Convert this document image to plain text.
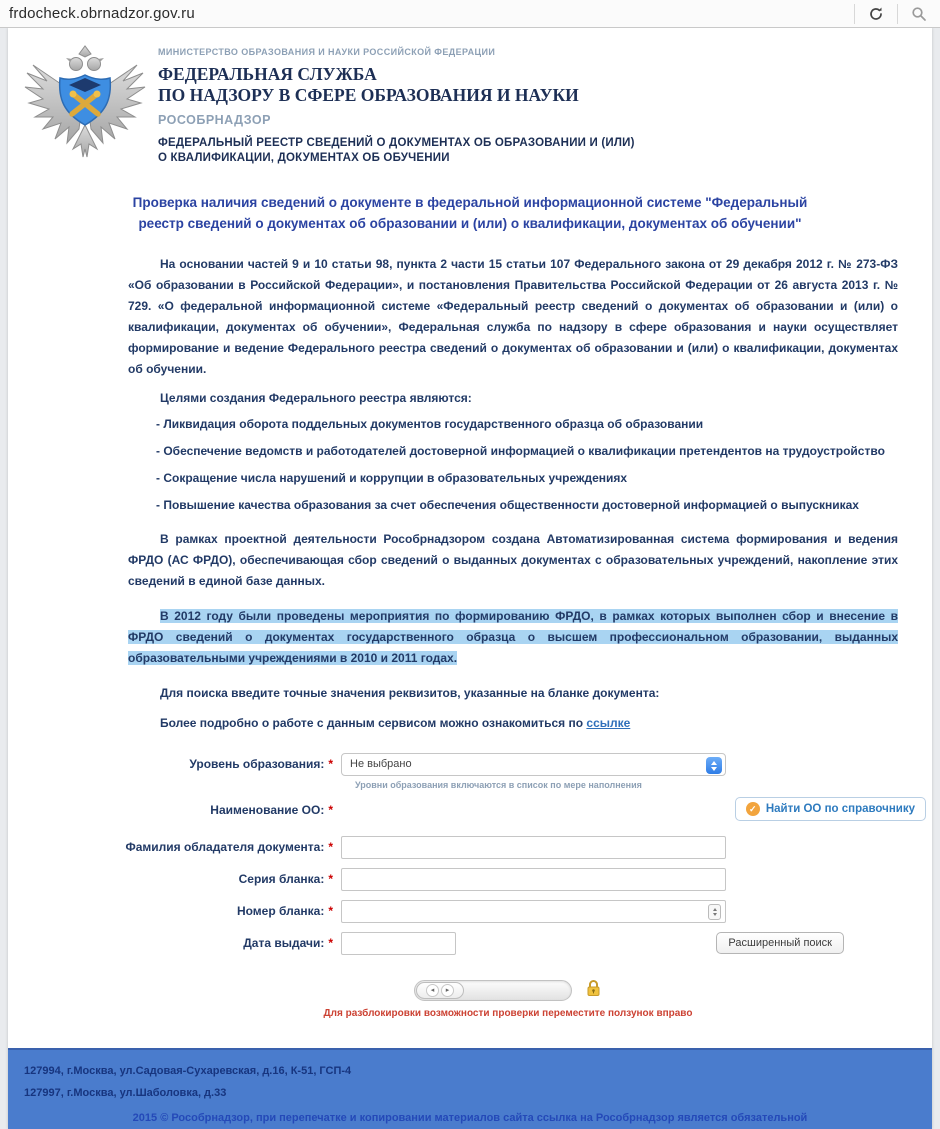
frdocheck.obrnadzor.gov.ru
МИНИСТЕРСТВО ОБРАЗОВАНИЯ И НАУКИ РОССИЙСКОЙ ФЕДЕРАЦИИ
ФЕДЕРАЛЬНАЯ СЛУЖБА
ПО НАДЗОРУ В СФЕРЕ ОБРАЗОВАНИЯ И НАУКИ
РОСОБРНАДЗОР
ФЕДЕРАЛЬНЫЙ РЕЕСТР СВЕДЕНИЙ О ДОКУМЕНТАХ ОБ ОБРАЗОВАНИИ И (ИЛИ)
О КВАЛИФИКАЦИИ, ДОКУМЕНТАХ ОБ ОБУЧЕНИИ
Проверка наличия сведений о документе в федеральной информационной системе "Федеральный реестр сведений о документах об образовании и (или) о квалификации, документах об обучении"

На основании частей 9 и 10 статьи 98, пункта 2 части 15 статьи 107 Федерального закона от 29 декабря 2012 г. № 273-ФЗ «Об образовании в Российской Федерации», и постановления Правительства Российской Федерации от 26 августа 2013 г. № 729. «О федеральной информационной системе «Федеральный реестр сведений о документах об образовании и (или) о квалификации, документах об обучении», Федеральная служба по надзору в сфере образования и науки осуществляет формирование и ведение Федерального реестра сведений о документах об образовании и (или) о квалификации, документах об обучении.

Целями создания Федерального реестра являются:

- Ликвидация оборота поддельных документов государственного образца об образовании

- Обеспечение ведомств и работодателей достоверной информацией о квалификации претендентов на трудоустройство

- Сокращение числа нарушений и коррупции в образовательных учреждениях

- Повышение качества образования за счет обеспечения общественности достоверной информацией о выпускниках

В рамках проектной деятельности Рособрнадзором создана Автоматизированная система формирования и ведения ФРДО (АС ФРДО), обеспечивающая сбор сведений о выданных документах с образовательных учреждений, накопление этих сведений в единой базе данных.

В 2012 году были проведены мероприятия по формированию ФРДО, в рамках которых выполнен сбор и внесение в ФРДО сведений о документах государственного образца о высшем профессиональном образовании, выданных образовательными учреждениями в 2010 и 2011 годах.

Для поиска введите точные значения реквизитов, указанные на бланке документа:

Более подробно о работе с данным сервисом можно ознакомиться по ссылке

Уровень образования: *	Не выбрано
Уровни образования включаются в список по мере наполнения
Наименование ОО: *	✓ Найти ОО по справочнику
Фамилия обладателя документа: *
Серия бланка: *
Номер бланка: *
Дата выдачи: *	Расширенный поиск
◂	▸
Для разблокировки возможности проверки переместите ползунок вправо
127994, г.Москва, ул.Садовая-Сухаревская, д.16, К-51, ГСП-4
127997, г.Москва, ул.Шаболовка, д.33
2015 © Рособрнадзор, при перепечатке и копировании материалов сайта ссылка на Рособрнадзор является обязательной
